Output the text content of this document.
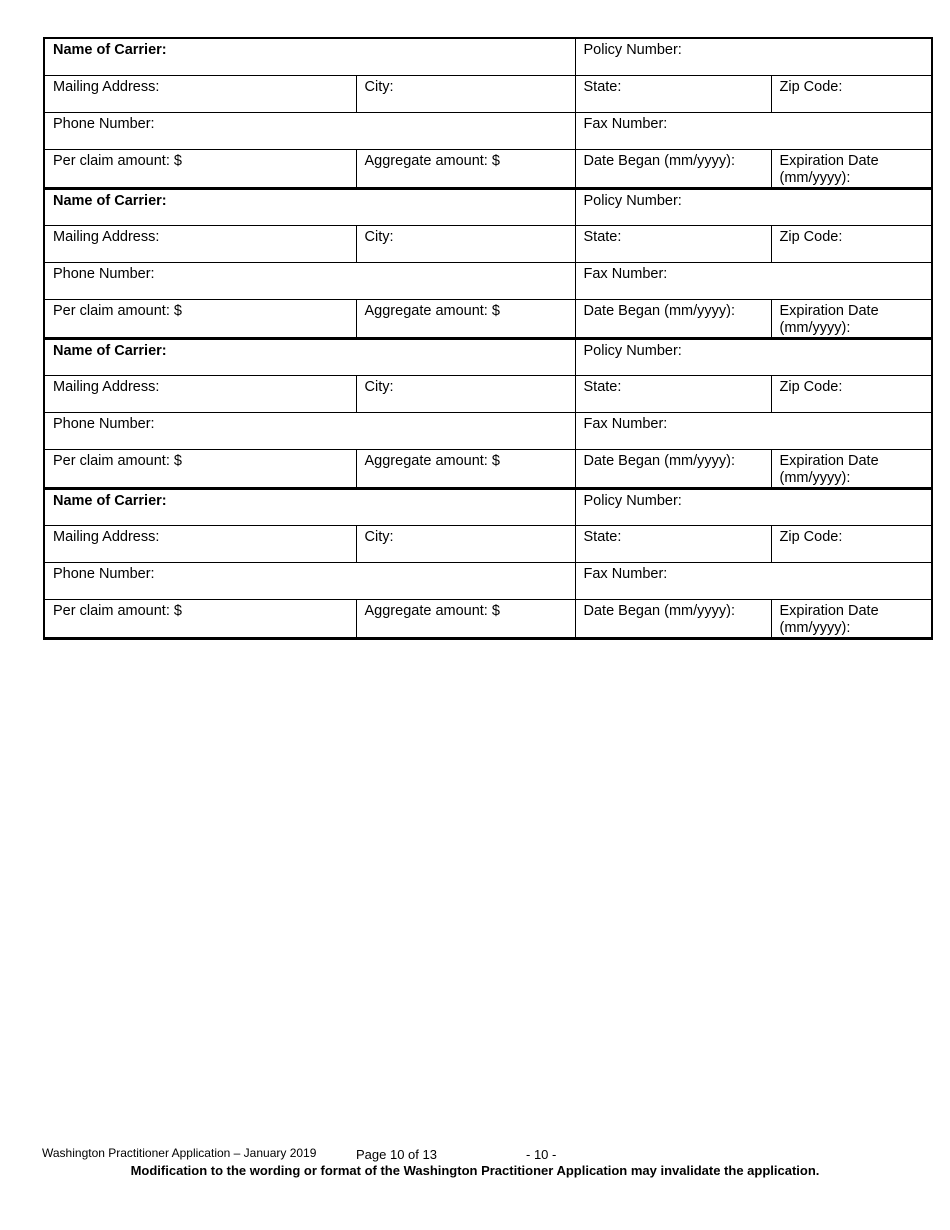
Name of Carrier:		Policy Number:	
Mailing Address:	City:	State:	Zip Code:
Phone Number:		Fax Number:	
Per claim amount: $	Aggregate amount: $	Date Began (mm/yyyy):	Expiration Date (mm/yyyy):
Name of Carrier:		Policy Number:	
Mailing Address:	City:	State:	Zip Code:
Phone Number:		Fax Number:	
Per claim amount: $	Aggregate amount: $	Date Began (mm/yyyy):	Expiration Date (mm/yyyy):
Name of Carrier:		Policy Number:	
Mailing Address:	City:	State:	Zip Code:
Phone Number:		Fax Number:	
Per claim amount: $	Aggregate amount: $	Date Began (mm/yyyy):	Expiration Date (mm/yyyy):
Name of Carrier:		Policy Number:	
Mailing Address:	City:	State:	Zip Code:
Phone Number:		Fax Number:	
Per claim amount: $	Aggregate amount: $	Date Began (mm/yyyy):	Expiration Date (mm/yyyy):
Washington Practitioner Application – January 2019	Page 10 of 13	- 10 -
Modification to the wording or format of the Washington Practitioner Application may invalidate the application.
